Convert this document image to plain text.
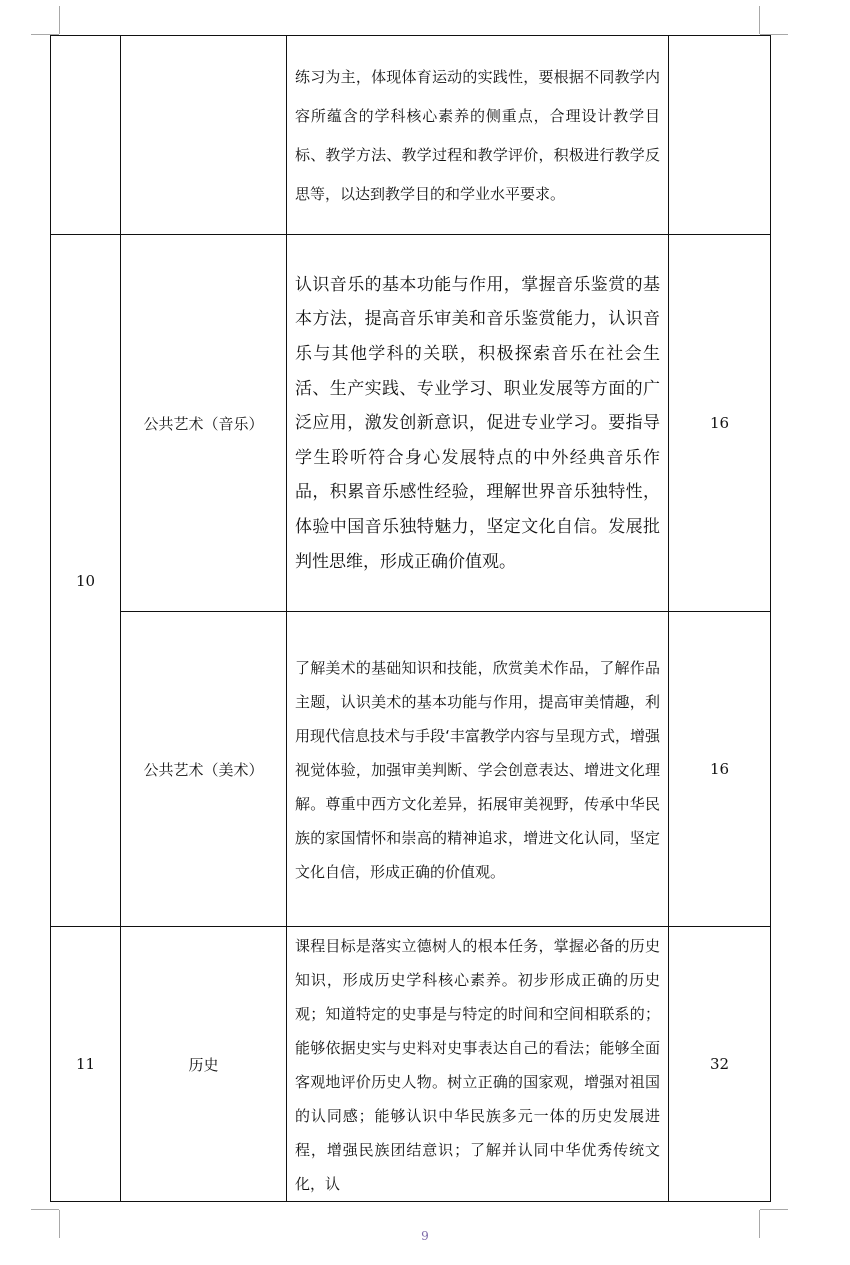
		练习为主，体现体育运动的实践性，要根据不同教学内容所蕴含的学科核心素养的侧重点，合理设计教学目标、教学方法、教学过程和教学评价，积极进行教学反思等，以达到教学目的和学业水平要求。	

10	公共艺术（音乐）	认识音乐的基本功能与作用，掌握音乐鉴赏的基本方法，提高音乐审美和音乐鉴赏能力，认识音乐与其他学科的关联，积极探索音乐在社会生活、生产实践、专业学习、职业发展等方面的广泛应用，激发创新意识，促进专业学习。要指导学生聆听符合身心发展特点的中外经典音乐作品，积累音乐感性经验，理解世界音乐独特性，体验中国音乐独特魅力，坚定文化自信。发展批判性思维，形成正确价值观。	16
	公共艺术（美术）	了解美术的基础知识和技能，欣赏美术作品，了解作品主题，认识美术的基本功能与作用，提高审美情趣，利用现代信息技术与手段‘丰富教学内容与呈现方式，增强视觉体验，加强审美判断、学会创意表达、增进文化理解。尊重中西方文化差异，拓展审美视野，传承中华民族的家国情怀和崇高的精神追求，增进文化认同，坚定文化自信，形成正确的价值观。	16
11	历史	课程目标是落实立德树人的根本任务，掌握必备的历史知识，形成历史学科核心素养。初步形成正确的历史观；知道特定的史事是与特定的时间和空间相联系的；能够依据史实与史料对史事表达自己的看法；能够全面客观地评价历史人物。树立正确的国家观，增强对祖国的认同感；能够认识中华民族多元一体的历史发展进程，增强民族团结意识；了解并认同中华优秀传统文化，认	32
9
